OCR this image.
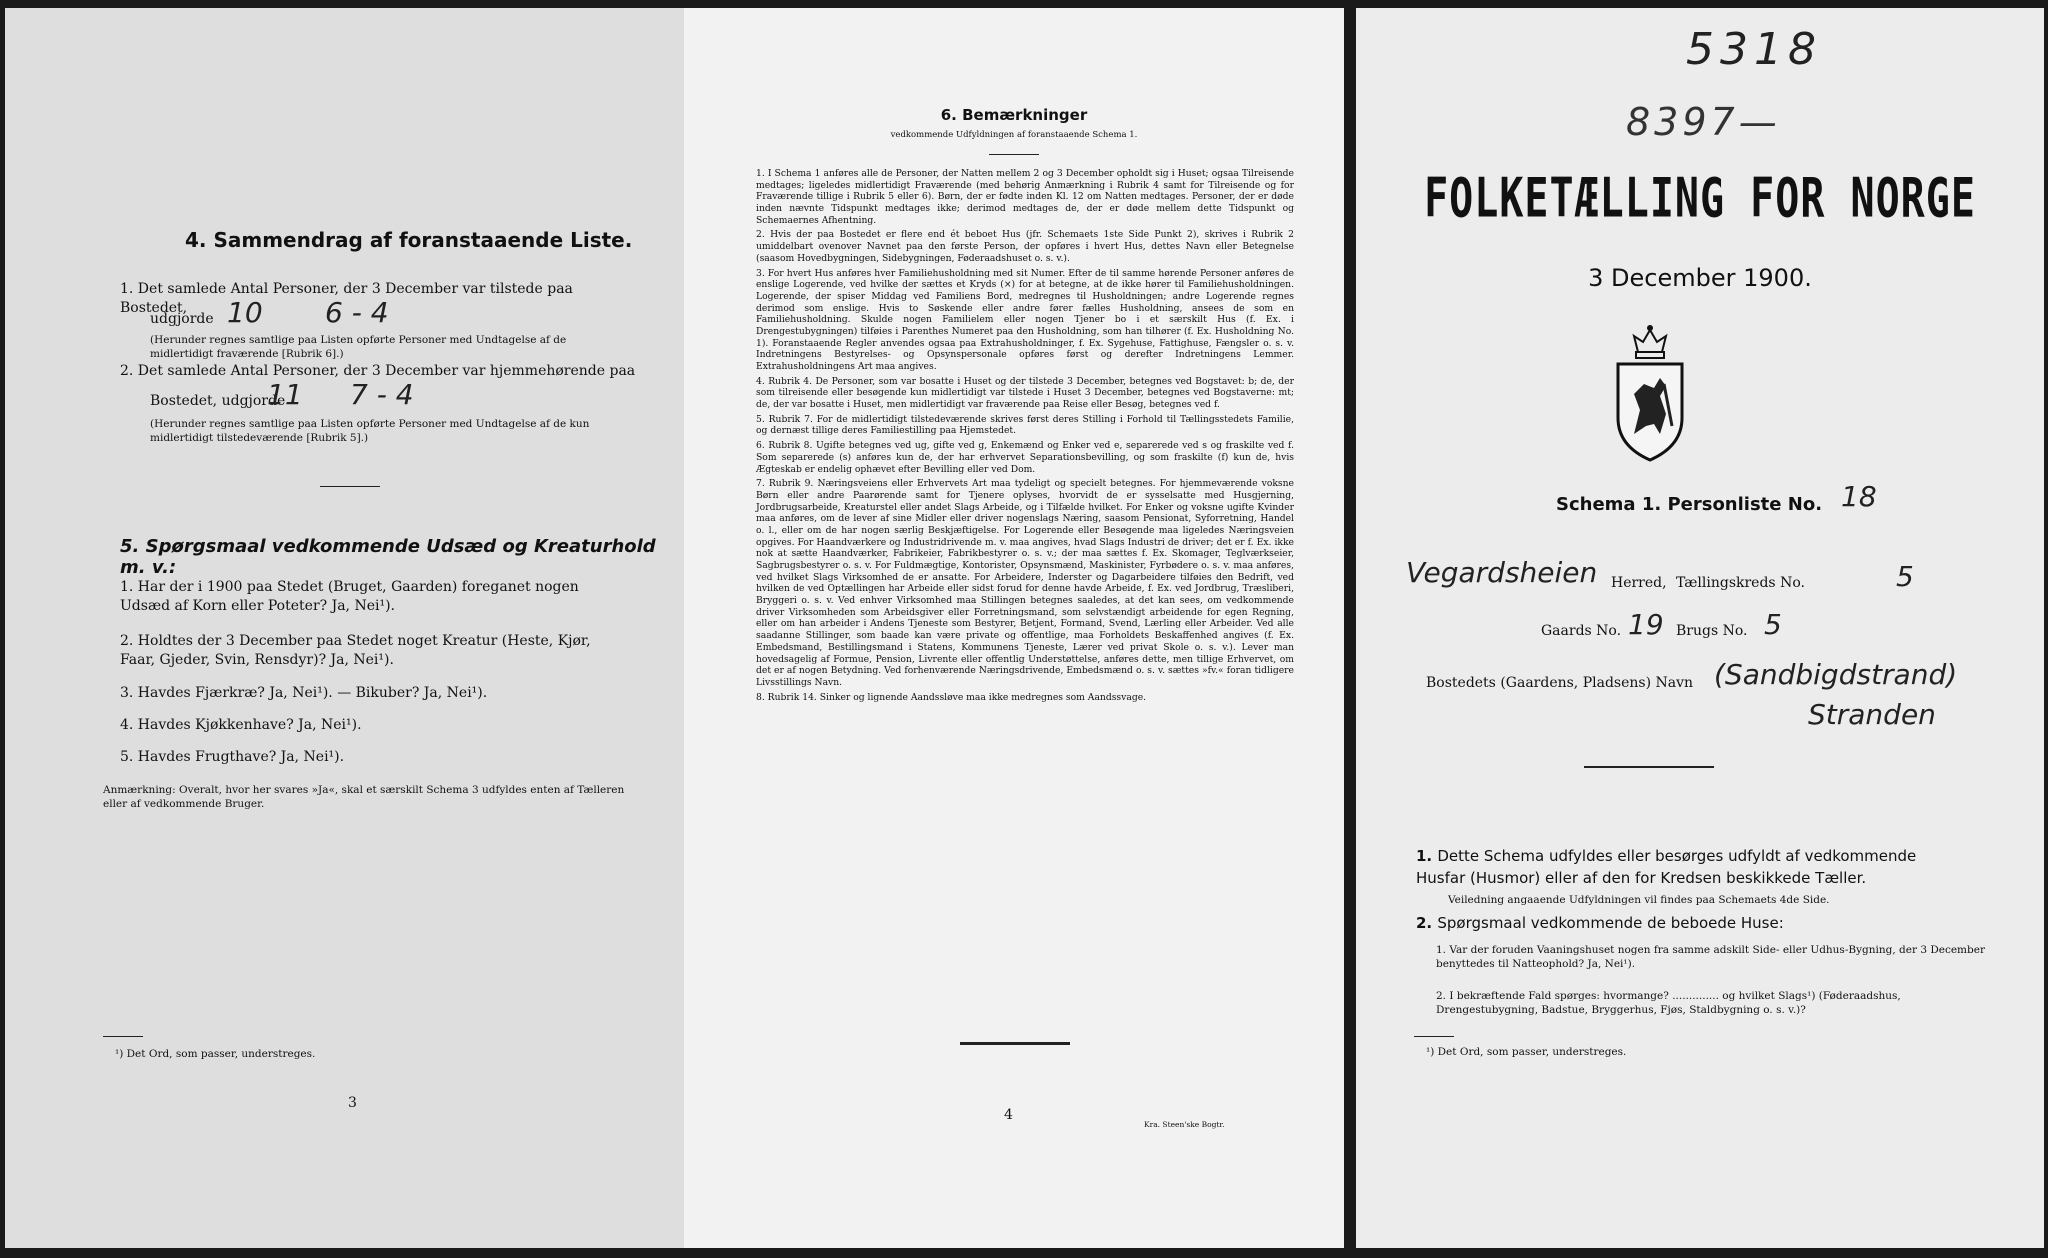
4. Sammendrag af foranstaaende Liste.
1. Det samlede Antal Personer, der 3 December var tilstede paa Bostedet,
udgjorde 10 6 - 4
(Herunder regnes samtlige paa Listen opførte Personer med Undtagelse af de midlertidigt fraværende [Rubrik 6].)
2. Det samlede Antal Personer, der 3 December var hjemmehørende paa
Bostedet, udgjorde
11 7 - 4
(Herunder regnes samtlige paa Listen opførte Personer med Undtagelse af de kun midlertidigt tilstedeværende [Rubrik 5].)
5. Spørgsmaal vedkommende Udsæd og Kreaturhold m. v.:
1. Har der i 1900 paa Stedet (Bruget, Gaarden) foreganet nogen Udsæd af Korn eller Poteter? Ja, Nei¹).
2. Holdtes der 3 December paa Stedet noget Kreatur (Heste, Kjør, Faar, Gjeder, Svin, Rensdyr)? Ja, Nei¹).
3. Havdes Fjærkræ? Ja, Nei¹). — Bikuber? Ja, Nei¹).
4. Havdes Kjøkkenhave? Ja, Nei¹).
5. Havdes Frugthave? Ja, Nei¹).
Anmærkning: Overalt, hvor her svares »Ja«, skal et særskilt Schema 3 udfyldes enten af Tælleren eller af vedkommende Bruger.
¹) Det Ord, som passer, understreges.
3
6. Bemærkninger
vedkommende Udfyldningen af foranstaaende Schema 1.
1. I Schema 1 anføres alle de Personer, der Natten mellem 2 og 3 December opholdt sig i Huset; ogsaa Tilreisende medtages; ligeledes midlertidigt Fraværende (med behørig Anmærkning i Rubrik 4 samt for Tilreisende og for Fraværende tillige i Rubrik 5 eller 6). Børn, der er fødte inden Kl. 12 om Natten medtages. Personer, der er døde inden nævnte Tidspunkt medtages ikke; derimod medtages de, der er døde mellem dette Tidspunkt og Schemaernes Afhentning.
2. Hvis der paa Bostedet er flere end ét beboet Hus (jfr. Schemaets 1ste Side Punkt 2), skrives i Rubrik 2 umiddelbart ovenover Navnet paa den første Person, der opføres i hvert Hus, dettes Navn eller Betegnelse (saasom Hovedbygningen, Sidebygningen, Føderaadshuset o. s. v.).
3. For hvert Hus anføres hver Familiehusholdning med sit Numer. Efter de til samme hørende Personer anføres de enslige Logerende, ved hvilke der sættes et Kryds (×) for at betegne, at de ikke hører til Familiehusholdningen. Logerende, der spiser Middag ved Familiens Bord, medregnes til Husholdningen; andre Logerende regnes derimod som enslige. Hvis to Søskende eller andre fører fælles Husholdning, ansees de som en Familiehusholdning. Skulde nogen Familielem eller nogen Tjener bo i et særskilt Hus (f. Ex. i Drengestubygningen) tilføies i Parenthes Numeret paa den Husholdning, som han tilhører (f. Ex. Husholdning No. 1). Foranstaaende Regler anvendes ogsaa paa Extrahusholdninger, f. Ex. Sygehuse, Fattighuse, Fængsler o. s. v. Indretningens Bestyrelses- og Opsynspersonale opføres først og derefter Indretningens Lemmer. Extrahusholdningens Art maa angives.
4. Rubrik 4. De Personer, som var bosatte i Huset og der tilstede 3 December, betegnes ved Bogstavet: b; de, der som tilreisende eller besøgende kun midlertidigt var tilstede i Huset 3 December, betegnes ved Bogstaverne: mt; de, der var bosatte i Huset, men midlertidigt var fraværende paa Reise eller Besøg, betegnes ved f.
5. Rubrik 7. For de midlertidigt tilstedeværende skrives først deres Stilling i Forhold til Tællingsstedets Familie, og dernæst tillige deres Familiestilling paa Hjemstedet.
6. Rubrik 8. Ugifte betegnes ved ug, gifte ved g, Enkemænd og Enker ved e, separerede ved s og fraskilte ved f. Som separerede (s) anføres kun de, der har erhvervet Separationsbevilling, og som fraskilte (f) kun de, hvis Ægteskab er endelig ophævet efter Bevilling eller ved Dom.
7. Rubrik 9. Næringsveiens eller Erhvervets Art maa tydeligt og specielt betegnes. For hjemmeværende voksne Børn eller andre Paarørende samt for Tjenere oplyses, hvorvidt de er sysselsatte med Husgjerning, Jordbrugsarbeide, Kreaturstel eller andet Slags Arbeide, og i Tilfælde hvilket. For Enker og voksne ugifte Kvinder maa anføres, om de lever af sine Midler eller driver nogenslags Næring, saasom Pensionat, Syforretning, Handel o. l., eller om de har nogen særlig Beskjæftigelse. For Logerende eller Besøgende maa ligeledes Næringsveien opgives. For Haandværkere og Industridrivende m. v. maa angives, hvad Slags Industri de driver; det er f. Ex. ikke nok at sætte Haandværker, Fabrikeier, Fabrikbestyrer o. s. v.; der maa sættes f. Ex. Skomager, Teglværkseier, Sagbrugsbestyrer o. s. v. For Fuldmægtige, Kontorister, Opsynsmænd, Maskinister, Fyrbødere o. s. v. maa anføres, ved hvilket Slags Virksomhed de er ansatte. For Arbeidere, Inderster og Dagarbeidere tilføies den Bedrift, ved hvilken de ved Optællingen har Arbeide eller sidst forud for denne havde Arbeide, f. Ex. ved Jordbrug, Træsliberi, Bryggeri o. s. v. Ved enhver Virksomhed maa Stillingen betegnes saaledes, at det kan sees, om vedkommende driver Virksomheden som Arbeidsgiver eller Forretningsmand, som selvstændigt arbeidende for egen Regning, eller om han arbeider i Andens Tjeneste som Bestyrer, Betjent, Formand, Svend, Lærling eller Arbeider. Ved alle saadanne Stillinger, som baade kan være private og offentlige, maa Forholdets Beskaffenhed angives (f. Ex. Embedsmand, Bestillingsmand i Statens, Kommunens Tjeneste, Lærer ved privat Skole o. s. v.). Lever man hovedsagelig af Formue, Pension, Livrente eller offentlig Understøttelse, anføres dette, men tillige Erhvervet, om det er af nogen Betydning. Ved forhenværende Næringsdrivende, Embedsmænd o. s. v. sættes »fv.« foran tidligere Livsstillings Navn.
8. Rubrik 14. Sinker og lignende Aandssløve maa ikke medregnes som Aandssvage.
4
Kra. Steen'ske Bogtr.
5318
8397—
FOLKETÆLLING FOR NORGE
3 December 1900.
Schema 1. Personliste No. 18
Vegardsheien Herred, Tællingskreds No.	5
Gaards No. 19 Brugs No. 5
Bostedets (Gaardens, Pladsens) Navn (Sandbigdstrand)
Stranden
1. Dette Schema udfyldes eller besørges udfyldt af vedkommende Husfar (Husmor) eller af den for Kredsen beskikkede Tæller.
Veiledning angaaende Udfyldningen vil findes paa Schemaets 4de Side.
2. Spørgsmaal vedkommende de beboede Huse:
1. Var der foruden Vaaningshuset nogen fra samme adskilt Side- eller Udhus-Bygning, der 3 December benyttedes til Natteophold? Ja, Nei¹).
2. I bekræftende Fald spørges: hvormange? .............. og hvilket Slags¹) (Føderaadshus, Drengestubygning, Badstue, Bryggerhus, Fjøs, Staldbygning o. s. v.)?
¹) Det Ord, som passer, understreges.
